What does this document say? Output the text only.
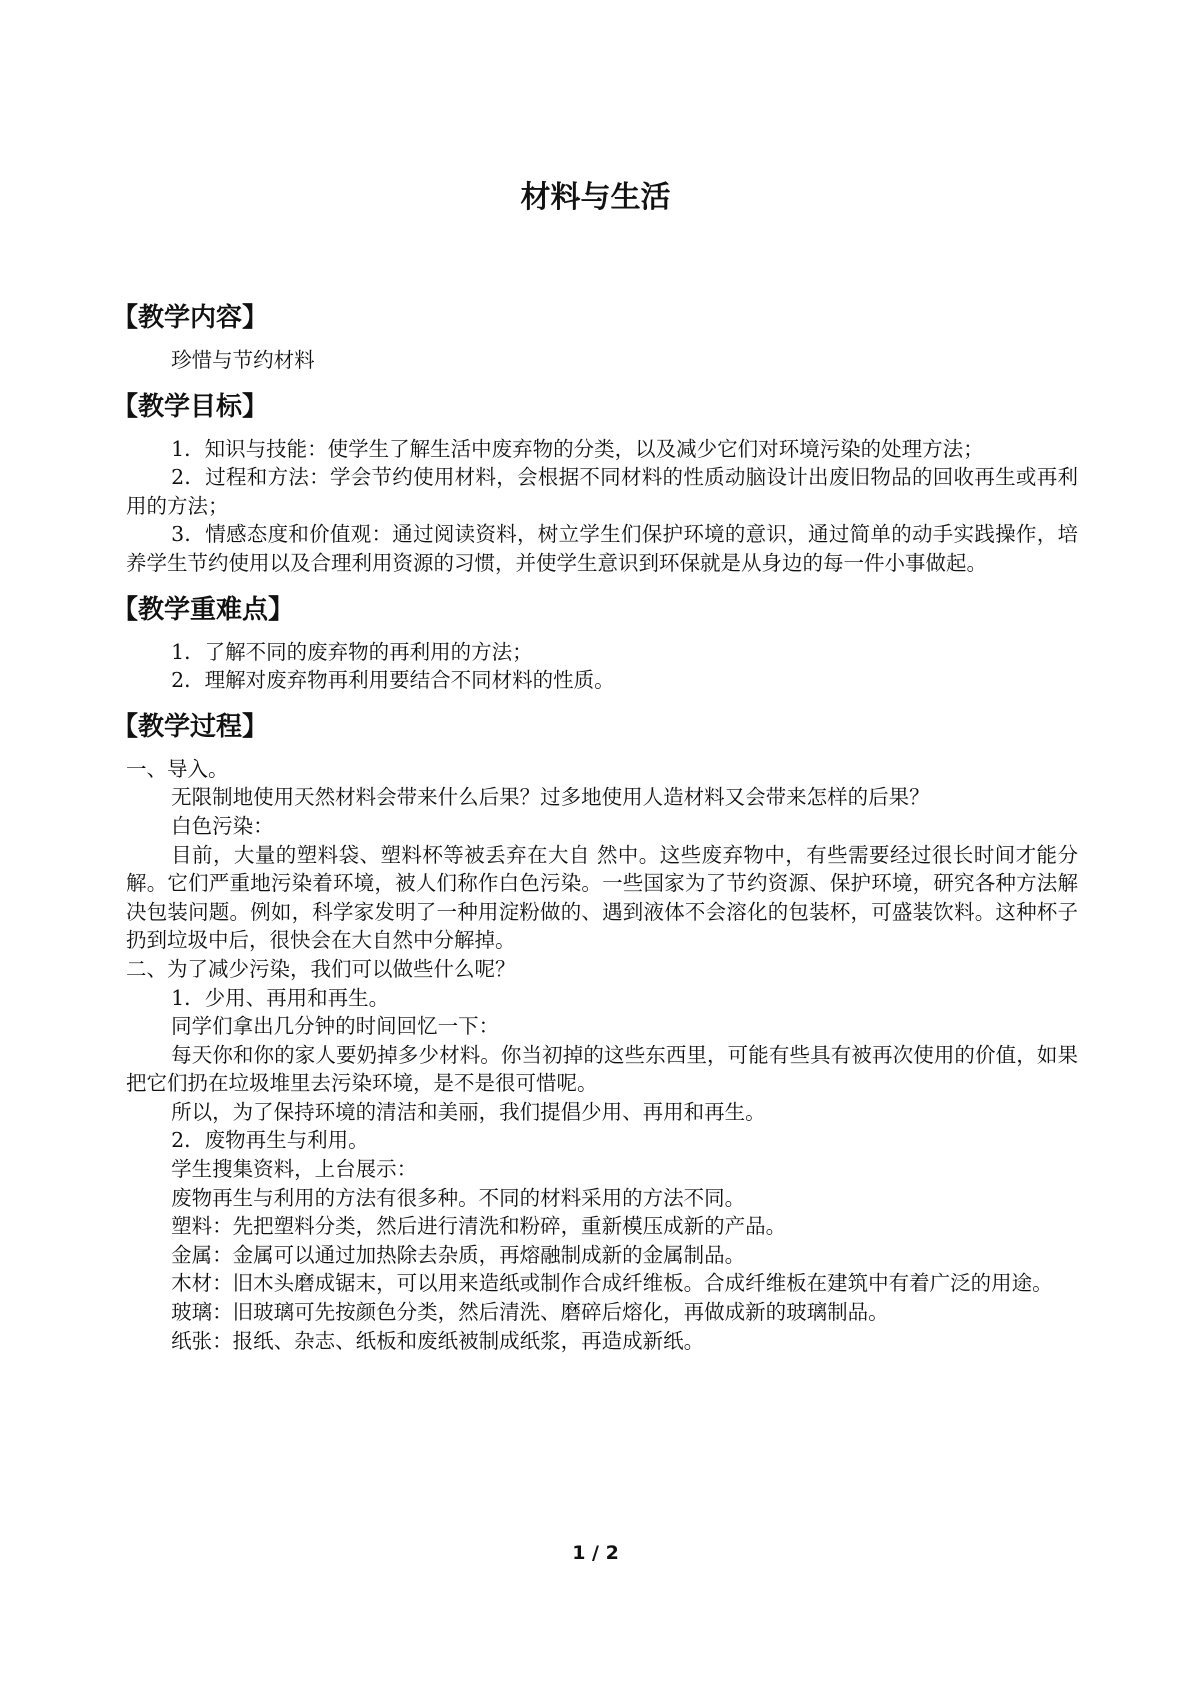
材料与生活
【教学内容】
珍惜与节约材料
【教学目标】
1．知识与技能：使学生了解生活中废弃物的分类，以及减少它们对环境污染的处理方法；
2．过程和方法：学会节约使用材料，会根据不同材料的性质动脑设计出废旧物品的回收再生或再利用的方法；
3．情感态度和价值观：通过阅读资料，树立学生们保护环境的意识，通过简单的动手实践操作，培养学生节约使用以及合理利用资源的习惯，并使学生意识到环保就是从身边的每一件小事做起。
【教学重难点】
1．了解不同的废弃物的再利用的方法；
2．理解对废弃物再利用要结合不同材料的性质。
【教学过程】
一、导入。
无限制地使用天然材料会带来什么后果？过多地使用人造材料又会带来怎样的后果？
白色污染：
目前，大量的塑料袋、塑料杯等被丢弃在大自 然中。这些废弃物中，有些需要经过很长时间才能分解。它们严重地污染着环境，被人们称作白色污染。一些国家为了节约资源、保护环境，研究各种方法解决包装问题。例如，科学家发明了一种用淀粉做的、遇到液体不会溶化的包装杯，可盛装饮料。这种杯子扔到垃圾中后，很快会在大自然中分解掉。
二、为了减少污染，我们可以做些什么呢？
1．少用、再用和再生。
同学们拿出几分钟的时间回忆一下：
每天你和你的家人要奶掉多少材料。你当初掉的这些东西里，可能有些具有被再次使用的价值，如果把它们扔在垃圾堆里去污染环境，是不是很可惜呢。
所以，为了保持环境的清洁和美丽，我们提倡少用、再用和再生。
2．废物再生与利用。
学生搜集资料，上台展示：
废物再生与利用的方法有很多种。不同的材料采用的方法不同。
塑料：先把塑料分类，然后进行清洗和粉碎，重新模压成新的产品。
金属：金属可以通过加热除去杂质，再熔融制成新的金属制品。
木材：旧木头磨成锯末，可以用来造纸或制作合成纤维板。合成纤维板在建筑中有着广泛的用途。
玻璃：旧玻璃可先按颜色分类，然后清洗、磨碎后熔化，再做成新的玻璃制品。
纸张：报纸、杂志、纸板和废纸被制成纸浆，再造成新纸。
1 / 2
